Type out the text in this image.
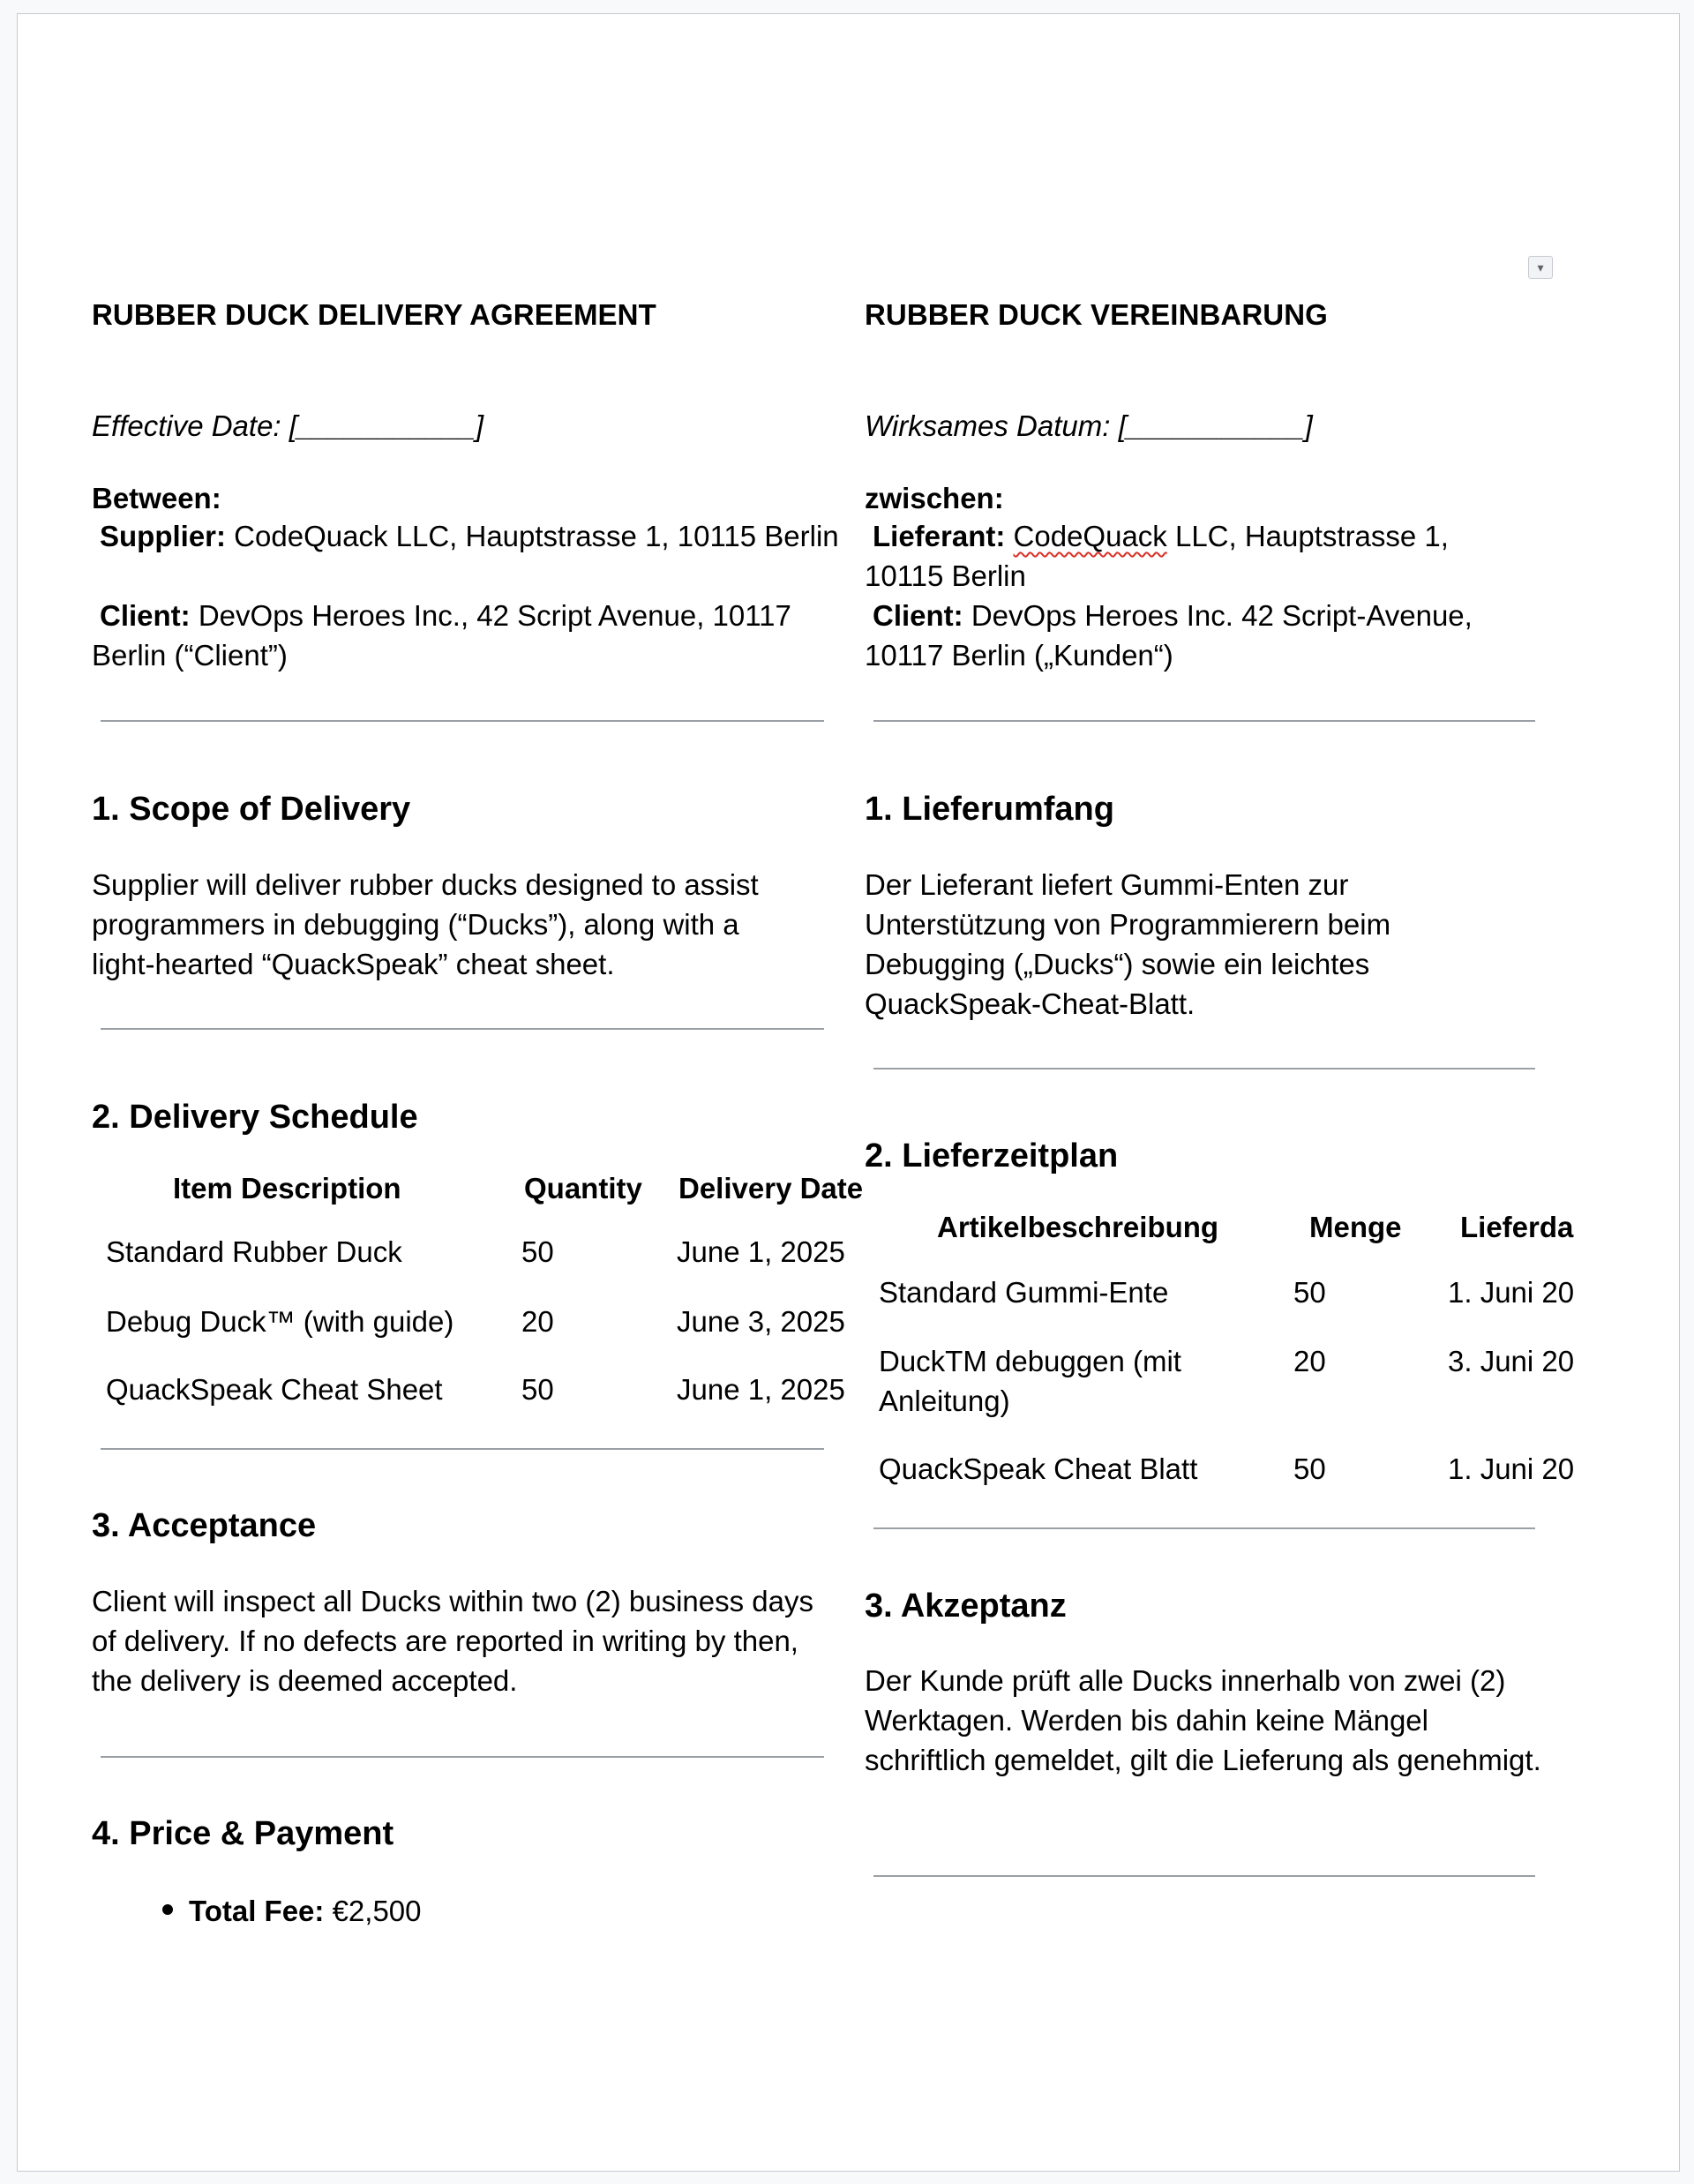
▾
RUBBER DUCK DELIVERY AGREEMENT
Effective Date: [___________]
Between:
Supplier: CodeQuack LLC, Hauptstrasse 1, 10115 Berlin
Client: DevOps Heroes Inc., 42 Script Avenue, 10117 Berlin (“Client”)
1. Scope of Delivery
Supplier will deliver rubber ducks designed to assist programmers in debugging (“Ducks”), along with a light-hearted “QuackSpeak” cheat sheet.
2. Delivery Schedule
Item Description	Quantity Delivery Date
Standard Rubber Duck	50	June 1, 2025
Debug Duck™ (with guide) 20	June 3, 2025
QuackSpeak Cheat Sheet	50	June 1, 2025
3. Acceptance
Client will inspect all Ducks within two (2) business days of delivery. If no defects are reported in writing by then, the delivery is deemed accepted.
4. Price & Payment
Total Fee: €2,500
RUBBER DUCK VEREINBARUNG
Wirksames Datum: [___________]
zwischen:
Lieferant: CodeQuack LLC, Hauptstrasse 1, 10115 Berlin
Client: DevOps Heroes Inc. 42 Script-Avenue, 10117 Berlin („Kunden“)
1. Lieferumfang
Der Lieferant liefert Gummi-Enten zur Unterstützung von Programmierern beim Debugging („Ducks“) sowie ein leichtes QuackSpeak-Cheat-Blatt.
2. Lieferzeitplan
Artikelbeschreibung	Menge Lieferda
Standard Gummi-Ente	50	1. Juni 20
DuckTM debuggen (mit Anleitung)
20	3. Juni 20
QuackSpeak Cheat Blatt	50	1. Juni 20
3. Akzeptanz
Der Kunde prüft alle Ducks innerhalb von zwei (2) Werktagen. Werden bis dahin keine Mängel schriftlich gemeldet, gilt die Lieferung als genehmigt.
